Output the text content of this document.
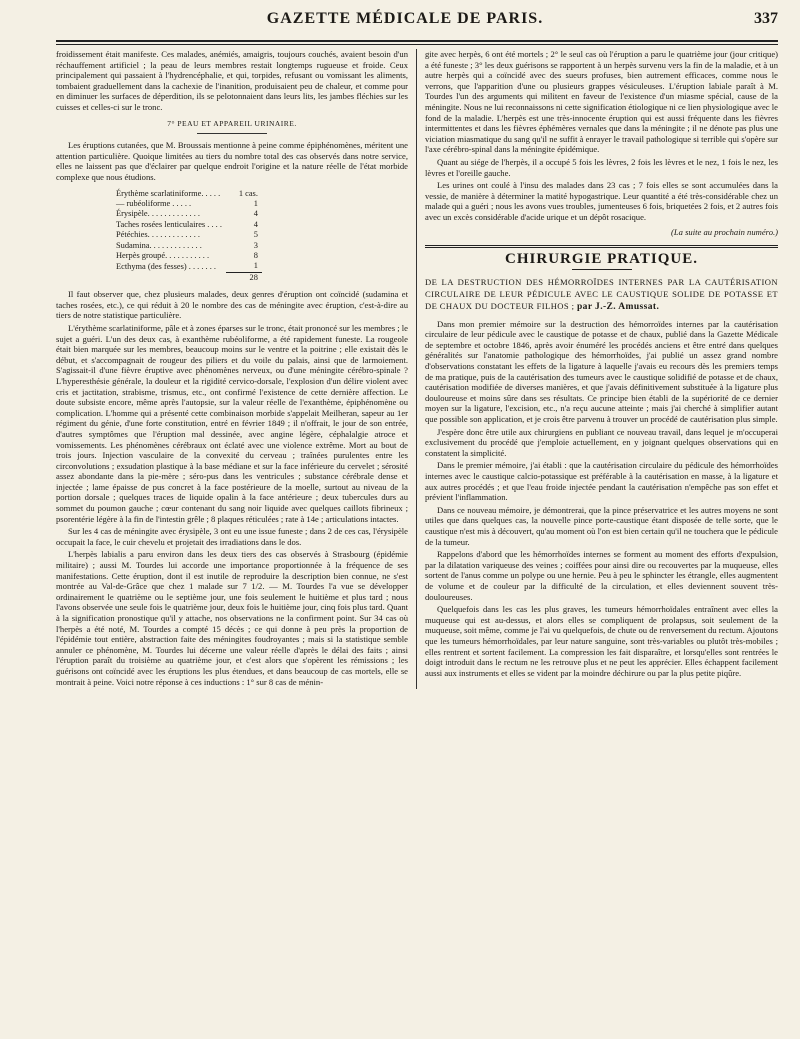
GAZETTE MÉDICALE DE PARIS.	337

froidissement était manifeste. Ces malades, anémiés, amaigris, toujours couchés, avaient besoin d'un réchauffement artificiel ; la peau de leurs membres restait longtemps rugueuse et froide. Ceux principalement qui passaient à l'hydrencéphalie, et qui, torpides, refusant ou vomissant les aliments, tombaient graduellement dans la cachexie de l'inanition, produisaient peu de chaleur, et comme pour en diminuer les surfaces de déperdition, ils se pelotonnaient dans leurs lits, les jambes fléchies sur les cuisses et celles-ci sur le tronc.

7° PEAU ET APPAREIL URINAIRE.

Les éruptions cutanées, que M. Broussais mentionne à peine comme épiphénomènes, méritent une attention particulière. Quoique limitées au tiers du nombre total des cas observés dans notre service, elles ne laissent pas que d'éclairer par quelque endroit l'origine et la nature réelle de l'état morbide complexe que nous étudions.

Érythème scarlatiniforme. . . . .	1 cas.
— rubéoliforme . . . . .	1
Érysipèle. . . . . . . . . . . . .	4
Taches rosées lenticulaires . . . .	4
Pétéchies. . . . . . . . . . . . .	5
Sudamina. . . . . . . . . . . . .	3
Herpès groupé. . . . . . . . . . .	8
Ecthyma (des fesses) . . . . . . .	1
	28

Il faut observer que, chez plusieurs malades, deux genres d'éruption ont coïncidé (sudamina et taches rosées, etc.), ce qui réduit à 20 le nombre des cas de méningite avec éruption, c'est-à-dire au tiers de notre statistique particulière.

L'érythème scarlatiniforme, pâle et à zones éparses sur le tronc, était prononcé sur les membres ; le sujet a guéri. L'un des deux cas, à exanthème rubéoliforme, a été rapidement funeste. La rougeole était bien marquée sur les membres, beaucoup moins sur le ventre et la poitrine ; elle existait dès le début, et s'accompagnait de rougeur des piliers et du voile du palais, ainsi que de larmoiement. S'agissait-il d'une fièvre éruptive avec phénomènes nerveux, ou d'une méningite cérébro-spinale ? L'hyperesthésie générale, la douleur et la rigidité cervico-dorsale, l'explosion d'un délire violent avec cris et jactitation, strabisme, trismus, etc., ont confirmé l'existence de cette dernière affection. Le doute subsiste encore, même après l'autopsie, sur la valeur réelle de l'exanthème, épiphénomène ou complication. L'homme qui a présenté cette combinaison morbide s'appelait Meilheran, sapeur au 1er régiment du génie, d'une forte constitution, entré en février 1849 ; il n'offrait, le jour de son entrée, d'autres symptômes que l'éruption mal dessinée, avec angine légère, céphalalgie atroce et vomissements. Les phénomènes cérébraux ont éclaté avec une violence extrême. Mort au bout de trois jours. Injection vasculaire de la convexité du cerveau ; traînées purulentes entre les circonvolutions ; exsudation plastique à la base médiane et sur la face inférieure du cervelet ; sérosité assez abondante dans la pie-mère ; séro-pus dans les ventricules ; substance cérébrale dense et injectée ; lame épaisse de pus concret à la face postérieure de la moelle, surtout au niveau de la portion dorsale ; quelques traces de liquide opalin à la face antérieure ; deux tubercules durs au sommet du poumon gauche ; cœur contenant du sang noir liquide avec quelques caillots fibrineux ; psorentérie légère à la fin de l'intestin grêle ; 8 plaques réticulées ; rate à 14e ; articulations intactes.

Sur les 4 cas de méningite avec érysipèle, 3 ont eu une issue funeste ; dans 2 de ces cas, l'érysipèle occupait la face, le cuir chevelu et projetait des irradiations dans le dos.

L'herpès labialis a paru environ dans les deux tiers des cas observés à Strasbourg (épidémie militaire) ; aussi M. Tourdes lui accorde une importance proportionnée à la fréquence de ses manifestations. Cette éruption, dont il est inutile de reproduire la description bien connue, ne s'est montrée au Val-de-Grâce que chez 1 malade sur 7 1/2. — M. Tourdes l'a vue se développer ordinairement le quatrième ou le septième jour, une fois seulement le huitième et plus tard ; nous l'avons observée une seule fois le quatrième jour, deux fois le huitième jour, cinq fois plus tard. Quant à la signification pronostique qu'il y attache, nos observations ne la confirment point. Sur 34 cas où l'herpès a été noté, M. Tourdes a compté 15 décès ; ce qui donne à peu près la proportion de l'épidémie tout entière, abstraction faite des méningites foudroyantes ; mais si la statistique semble annuler ce phénomène, M. Tourdes lui décerne une valeur réelle d'après le délai des faits ; ainsi l'éruption paraît du troisième au quatrième jour, et c'est alors que s'opèrent les rémissions ; les guérisons ont coïncidé avec les éruptions les plus étendues, et dans beaucoup de cas mortels, elle se montrait à peine. Voici notre réponse à ces inductions : 1° sur 8 cas de ménin-

gite avec herpès, 6 ont été mortels ; 2° le seul cas où l'éruption a paru le quatrième jour (jour critique) a été funeste ; 3° les deux guérisons se rapportent à un herpès survenu vers la fin de la maladie, et à un autre herpès qui a coïncidé avec des sueurs profuses, bien autrement efficaces, comme nous le verrons, que l'apparition d'une ou plusieurs grappes vésiculeuses. L'éruption labiale paraît à M. Tourdes l'un des arguments qui militent en faveur de l'existence d'un miasme spécial, cause de la méningite. Nous ne lui reconnaissons ni cette signification étiologique ni ce lien physiologique avec le fond de la maladie. L'herpès est une très-innocente éruption qui est aussi fréquente dans les fièvres intermittentes et dans les fièvres éphémères vernales que dans la méningite ; il ne dénote pas plus une viciation miasmatique du sang qu'il ne suffit à enrayer le travail pathologique si terrible qui s'opère sur l'axe cérébro-spinal dans la méningite épidémique.

Quant au siége de l'herpès, il a occupé 5 fois les lèvres, 2 fois les lèvres et le nez, 1 fois le nez, les lèvres et l'oreille gauche.

Les urines ont coulé à l'insu des malades dans 23 cas ; 7 fois elles se sont accumulées dans la vessie, de manière à déterminer la matité hypogastrique. Leur quantité a été très-considérable chez un malade qui a guéri ; nous les avons vues troubles, jumenteuses 6 fois, briquetées 2 fois, et 2 autres fois avec un excès considérable d'acide urique et un dépôt rosacique.

(La suite au prochain numéro.)
CHIRURGIE PRATIQUE.
DE LA DESTRUCTION DES HÉMORROÏDES INTERNES PAR LA CAUTÉRISATION CIRCULAIRE DE LEUR PÉDICULE AVEC LE CAUSTIQUE SOLIDE DE POTASSE ET DE CHAUX DU DOCTEUR FILHOS ; par J.-Z. Amussat.

Dans mon premier mémoire sur la destruction des hémorroïdes internes par la cautérisation circulaire de leur pédicule avec le caustique de potasse et de chaux, publié dans la Gazette Médicale de septembre et octobre 1846, après avoir énuméré les procédés anciens et être entré dans quelques généralités sur l'anatomie pathologique des hémorrhoïdes, j'ai publié un assez grand nombre d'observations constatant les effets de la ligature à laquelle j'avais eu recours dès les premiers temps de ma pratique, puis de la cautérisation des tumeurs avec le caustique solidifié de potasse et de chaux, cautérisation modifiée de diverses manières, et que j'avais définitivement substituée à la ligature plus douloureuse et moins sûre dans ses résultats. Ce principe bien établi de la supériorité de ce dernier moyen sur la ligature, l'excision, etc., n'a reçu aucune atteinte ; mais j'ai cherché à simplifier autant que possible son application, et je crois être parvenu à trouver un procédé de cautérisation plus simple.

J'espère donc être utile aux chirurgiens en publiant ce nouveau travail, dans lequel je m'occuperai exclusivement du procédé que j'emploie actuellement, en y joignant quelques observations qui en constatent la simplicité.

Dans le premier mémoire, j'ai établi : que la cautérisation circulaire du pédicule des hémorrhoïdes internes avec le caustique calcio-potassique est préférable à la cautérisation en masse, à la ligature et aux autres procédés ; et que l'eau froide injectée pendant la cautérisation n'empêche pas son effet et prévient l'inflammation.

Dans ce nouveau mémoire, je démontrerai, que la pince préservatrice et les autres moyens ne sont utiles que dans quelques cas, la nouvelle pince porte-caustique étant disposée de telle sorte, que le caustique n'est mis à découvert, qu'au moment où l'on est bien certain qu'il ne touchera que le pédicule de la tumeur.

Rappelons d'abord que les hémorrhoïdes internes se forment au moment des efforts d'expulsion, par la dilatation variqueuse des veines ; coiffées pour ainsi dire ou recouvertes par la muqueuse, elles sortent de l'anus comme un polype ou une hernie. Peu à peu le sphincter les étrangle, elles augmentent de volume et de couleur par la difficulté de la circulation, et elles deviennent souvent très-douloureuses.

Quelquefois dans les cas les plus graves, les tumeurs hémorrhoïdales entraînent avec elles la muqueuse qui est au-dessus, et alors elles se compliquent de prolapsus, soit seulement de la muqueuse, soit même, comme je l'ai vu quelquefois, de chute ou de renversement du rectum. Ajoutons que les tumeurs hémorrhoïdales, par leur nature sanguine, sont très-variables ou plutôt très-mobiles ; elles rentrent et sortent facilement. La compression les fait disparaître, et lorsqu'elles sont rentrées le doigt introduit dans le rectum ne les retrouve plus et ne peut les apprécier. Elles échappent facilement aussi aux instruments et elles se vident par la moindre déchirure ou par la plus petite piqûre.
